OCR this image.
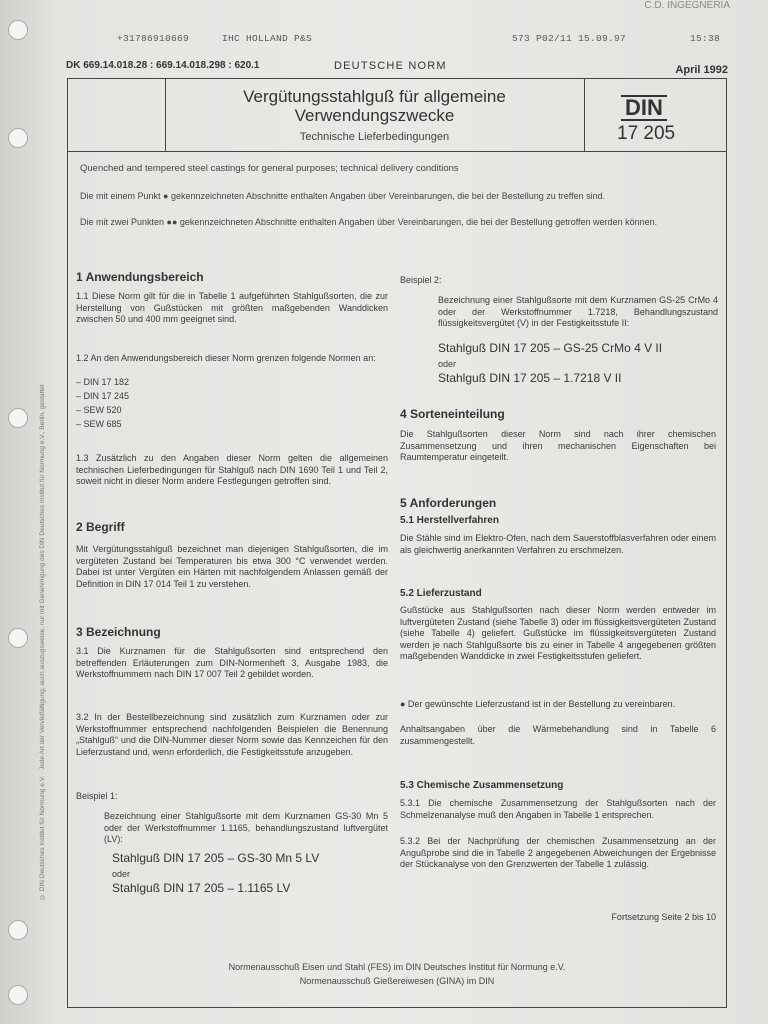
C.D. INGEGNERIA
© DIN Deutsches Institut für Normung e.V. · Jede Art der Vervielfältigung, auch auszugsweise, nur mit Genehmigung des DIN Deutsches Institut für Normung e.V., Berlin, gestattet
+31786910669	IHC HOLLAND P&S	573 P02/11 15.09.97	15:38
DK 669.14.018.28 : 669.14.018.298 : 620.1	DEUTSCHE NORM	April 1992
Vergütungsstahlguß für allgemeine
Verwendungszwecke
Technische Lieferbedingungen
DIN
17 205
Quenched and tempered steel castings for general purposes; technical delivery conditions
Die mit einem Punkt ● gekennzeichneten Abschnitte enthalten Angaben über Vereinbarungen, die bei der Bestellung zu treffen sind.
Die mit zwei Punkten ●● gekennzeichneten Abschnitte enthalten Angaben über Vereinbarungen, die bei der Bestellung getroffen werden können.
1 Anwendungsbereich
1.1 Diese Norm gilt für die in Tabelle 1 aufgeführten Stahlgußsorten, die zur Herstellung von Gußstücken mit größten maßgebenden Wanddicken zwischen 50 und 400 mm geeignet sind.
1.2 An den Anwendungsbereich dieser Norm grenzen folgende Normen an:
– DIN 17 182
– DIN 17 245
– SEW 520
– SEW 685
1.3 Zusätzlich zu den Angaben dieser Norm gelten die allgemeinen technischen Lieferbedingungen für Stahlguß nach DIN 1690 Teil 1 und Teil 2, soweit nicht in dieser Norm andere Festlegungen getroffen sind.
2 Begriff
Mit Vergütungsstahlguß bezeichnet man diejenigen Stahlgußsorten, die im vergüteten Zustand bei Temperaturen bis etwa 300 °C verwendet werden. Dabei ist unter Vergüten ein Härten mit nachfolgendem Anlassen gemäß der Definition in DIN 17 014 Teil 1 zu verstehen.
3 Bezeichnung
3.1 Die Kurznamen für die Stahlgußsorten sind entsprechend den betreffenden Erläuterungen zum DIN-Normenheft 3, Ausgabe 1983, die Werkstoffnummern nach DIN 17 007 Teil 2 gebildet worden.
3.2 In der Bestellbezeichnung sind zusätzlich zum Kurznamen oder zur Werkstoffnummer entsprechend nachfolgenden Beispielen die Benennung „Stahlguß“ und die DIN-Nummer dieser Norm sowie das Kennzeichen für den Lieferzustand und, wenn erforderlich, die Festigkeitsstufe anzugeben.
Beispiel 1:
Bezeichnung einer Stahlgußsorte mit dem Kurznamen GS-30 Mn 5 oder der Werkstoffnummer 1.1165, behandlungszustand luftvergütet (LV):
Stahlguß DIN 17 205 – GS-30 Mn 5 LV
oder
Stahlguß DIN 17 205 – 1.1165 LV
Beispiel 2:
Bezeichnung einer Stahlgußsorte mit dem Kurznamen GS-25 CrMo 4 oder der Werkstoffnummer 1.7218, Behandlungszustand flüssigkeitsvergütet (V) in der Festigkeitsstufe II:
Stahlguß DIN 17 205 – GS-25 CrMo 4 V II
oder
Stahlguß DIN 17 205 – 1.7218 V II
4 Sorteneinteilung
Die Stahlgußsorten dieser Norm sind nach ihrer chemischen Zusammensetzung und ihren mechanischen Eigenschaften bei Raumtemperatur eingeteilt.
5 Anforderungen
5.1 Herstellverfahren
Die Stähle sind im Elektro-Ofen, nach dem Sauerstoffblasverfahren oder einem als gleichwertig anerkannten Verfahren zu erschmelzen.
5.2 Lieferzustand
Gußstücke aus Stahlgußsorten nach dieser Norm werden entweder im luftvergüteten Zustand (siehe Tabelle 3) oder im flüssigkeitsvergüteten Zustand (siehe Tabelle 4) geliefert. Gußstücke im flüssigkeitsvergüteten Zustand werden je nach Stahlgußsorte bis zu einer in Tabelle 4 angegebenen größten maßgebenden Wanddicke in zwei Festigkeitsstufen geliefert.
● Der gewünschte Lieferzustand ist in der Bestellung zu vereinbaren.
Anhaltsangaben über die Wärmebehandlung sind in Tabelle 6 zusammengestellt.
5.3 Chemische Zusammensetzung
5.3.1 Die chemische Zusammensetzung der Stahlgußsorten nach der Schmelzenanalyse muß den Angaben in Tabelle 1 entsprechen.
5.3.2 Bei der Nachprüfung der chemischen Zusammensetzung an der Angußprobe sind die in Tabelle 2 angegebenen Abweichungen der Ergebnisse der Stückanalyse von den Grenzwerten der Tabelle 1 zulässig.
Fortsetzung Seite 2 bis 10
Normenausschuß Eisen und Stahl (FES) im DIN Deutsches Institut für Normung e.V.
Normenausschuß Gießereiwesen (GINA) im DIN
